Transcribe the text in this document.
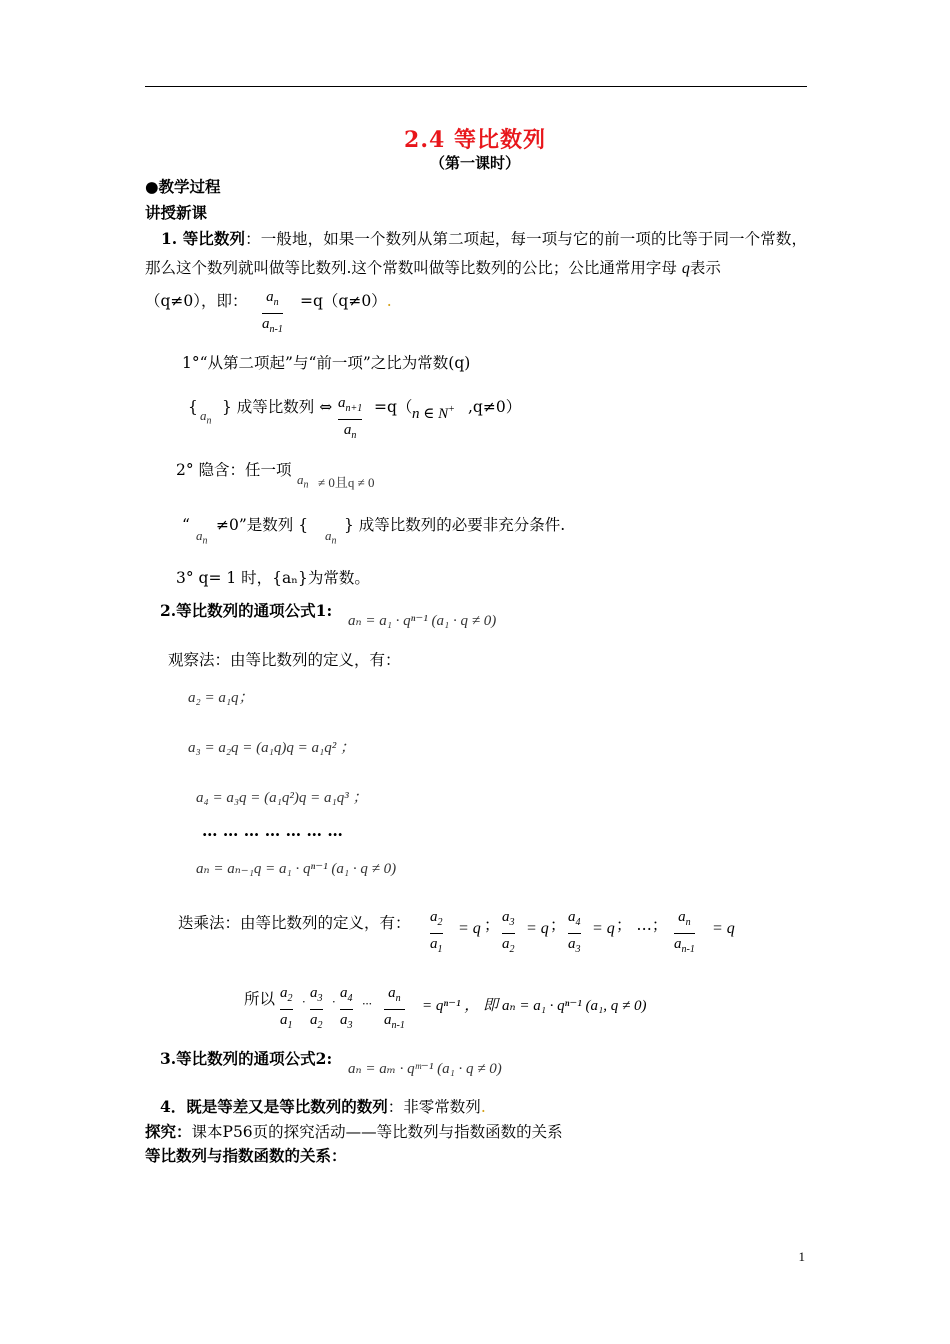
2.4 等比数列
（第一课时）
●教学过程
讲授新课
1. 等比数列：一般地，如果一个数列从第二项起，每一项与它的前一项的比等于同一个常数，那么这个数列就叫做等比数列.这个常数叫做等比数列的公比；公比通常用字母 q表示
（q≠0），即： $a_n$
$a_{n-1}$
=q（q≠0）.
1°“从第二项起”与“前一项”之比为常数(q)
{ $a_n$
} 成等比数列 ⇔ $a_{n+1}$
$a_n$
=q（ n ∈ N+ ,q≠0）
2° 隐含：任一项
$a_n \ne 0$且q ≠ 0
“
$a_n$
≠0”是数列 {
$a_n$
} 成等比数列的必要非充分条件.
3° q= 1 时，{aₙ}为常数。
2.等比数列的通项公式1:
aₙ = a₁ · qⁿ⁻¹ (a₁ · q ≠ 0)
观察法：由等比数列的定义，有：
a₂ = a₁q；
a₃ = a₂q = (a₁q)q = a₁q² ；
a₄ = a₃q = (a₁q²)q = a₁q³ ；
… … … … … … …
aₙ = aₙ₋₁q = a₁ · qⁿ⁻¹ (a₁ · q ≠ 0)
迭乘法：由等比数列的定义，有： $a_2$
$a_1$
= q ； $a_3$
$a_2$
= q ； $a_4$
$a_3$
= q ； …； $a_n$
$a_{n-1}$
= q
所以 $a_2$
$a_1$
·
$a_3$
$a_2$
·
$a_4$
$a_3$
···
$a_n$
$a_{n-1}$
= qⁿ⁻¹ ， 即 aₙ = a₁ · qⁿ⁻¹ (a₁, q ≠ 0)
3.等比数列的通项公式2:
aₙ = aₘ · qᵐ⁻¹ (a₁ · q ≠ 0)
4．既是等差又是等比数列的数列：非零常数列.
探究：课本P56页的探究活动——等比数列与指数函数的关系
等比数列与指数函数的关系：
1
